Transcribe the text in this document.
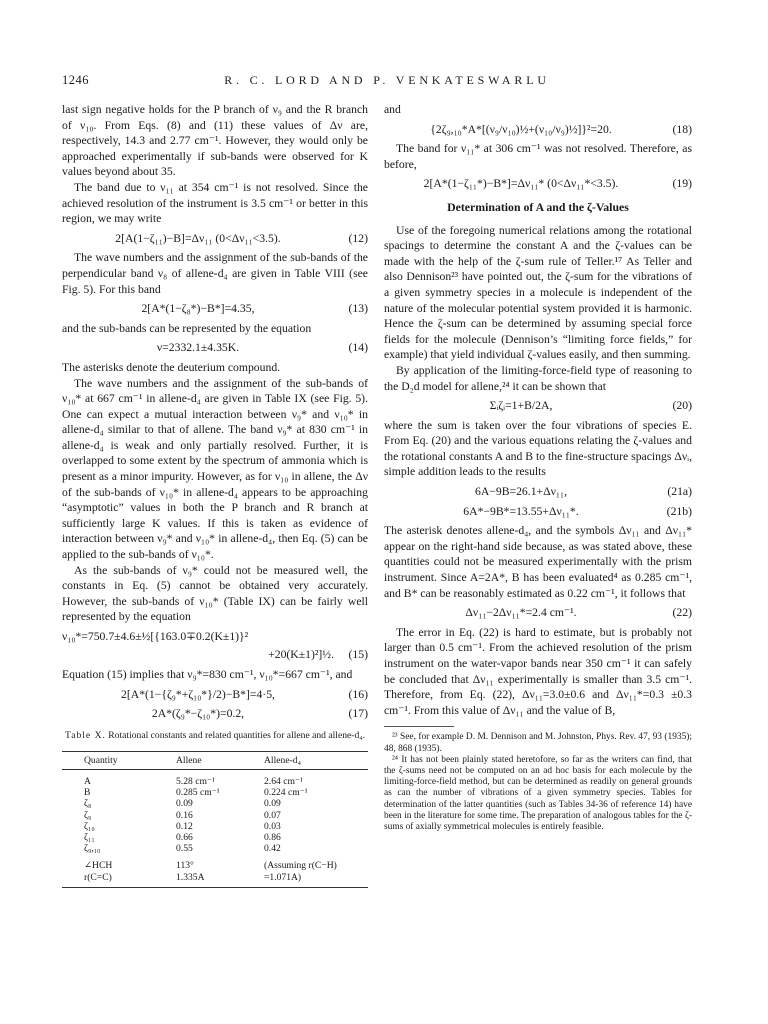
1246	R. C. LORD AND P. VENKATESWARLU

last sign negative holds for the P branch of ν₉ and the R branch of ν₁₀. From Eqs. (8) and (11) these values of Δν are, respectively, 14.3 and 2.77 cm⁻¹. However, they would only be approached experimentally if sub-bands were observed for K values beyond about 35.

The band due to ν₁₁ at 354 cm⁻¹ is not resolved. Since the achieved resolution of the instrument is 3.5 cm⁻¹ or better in this region, we may write

2[A(1−ζ₁₁)−B]=Δν₁₁ (0<Δν₁₁<3.5).	(12)

The wave numbers and the assignment of the sub-bands of the perpendicular band ν₈ of allene-d₄ are given in Table VIII (see Fig. 5). For this band

2[A*(1−ζ₈*)−B*]=4.35,	(13)

and the sub-bands can be represented by the equation

ν=2332.1±4.35K.	(14)

The asterisks denote the deuterium compound.

The wave numbers and the assignment of the sub-bands of ν₁₀* at 667 cm⁻¹ in allene-d₄ are given in Table IX (see Fig. 5). One can expect a mutual interaction between ν₉* and ν₁₀* in allene-d₄ similar to that of allene. The band ν₉* at 830 cm⁻¹ in allene-d₄ is weak and only partially resolved. Further, it is overlapped to some extent by the spectrum of ammonia which is present as a minor impurity. However, as for ν₁₀ in allene, the Δν of the sub-bands of ν₁₀* in allene-d₄ appears to be approaching “asymptotic” values in both the P branch and R branch at sufficiently large K values. If this is taken as evidence of interaction between ν₉* and ν₁₀* in allene-d₄, then Eq. (5) can be applied to the sub-bands of ν₁₀*.

As the sub-bands of ν₉* could not be measured well, the constants in Eq. (5) cannot be obtained very accurately. However, the sub-bands of ν₁₀* (Table IX) can be fairly well represented by the equation

ν₁₀*=750.7±4.6±½[{163.0∓0.2(K±1)}²
+20(K±1)²]½. (15)

Equation (15) implies that ν₉*=830 cm⁻¹, ν₁₀*=667 cm⁻¹, and

2[A*(1−{ζ₉*+ζ₁₀*}/2)−B*]=4·5,	(16)
2A*(ζ₉*−ζ₁₀*)=0.2,	(17)
Table X. Rotational constants and related quantities for allene and allene-d₄.
Quantity	Allene	Allene-d₄
A	5.28 cm⁻¹	2.64 cm⁻¹
B	0.285 cm⁻¹	0.224 cm⁻¹
ζ₈	0.09	0.09
ζ₉	0.16	0.07
ζ₁₀	0.12	0.03
ζ₁₁	0.66	0.86
ζ₉,₁₀	0.55	0.42
∠HCH	113°	(Assuming r(C−H)
r(C=C)	1.335A	=1.071A)

and

{2ζ₉,₁₀*A*[(ν₉/ν₁₀)½+(ν₁₀/ν₉)½]}²=20.	(18)

The band for ν₁₁* at 306 cm⁻¹ was not resolved. Therefore, as before,

2[A*(1−ζ₁₁*)−B*]=Δν₁₁* (0<Δν₁₁*<3.5).	(19)
Determination of A and the ζ-Values

Use of the foregoing numerical relations among the rotational spacings to determine the constant A and the ζ-values can be made with the help of the ζ-sum rule of Teller.¹⁷ As Teller and also Dennison²³ have pointed out, the ζ-sum for the vibrations of a given symmetry species in a molecule is independent of the nature of the molecular potential system provided it is harmonic. Hence the ζ-sum can be determined by assuming special force fields for the molecule (Dennison’s “limiting force fields,” for example) that yield individual ζ-values easily, and then summing.

By application of the limiting-force-field type of reasoning to the D₂d model for allene,²⁴ it can be shown that

Σᵢζᵢ=1+B/2A,	(20)

where the sum is taken over the four vibrations of species E. From Eq. (20) and the various equations relating the ζ-values and the rotational constants A and B to the fine-structure spacings Δνᵢ, simple addition leads to the results

6A−9B=26.1+Δν₁₁,	(21a)
6A*−9B*=13.55+Δν₁₁*.	(21b)

The asterisk denotes allene-d₄, and the symbols Δν₁₁ and Δν₁₁* appear on the right-hand side because, as was stated above, these quantities could not be measured experimentally with the prism instrument. Since A=2A*, B has been evaluated⁴ as 0.285 cm⁻¹, and B* can be reasonably estimated as 0.22 cm⁻¹, it follows that

Δν₁₁−2Δν₁₁*=2.4 cm⁻¹.	(22)

The error in Eq. (22) is hard to estimate, but is probably not larger than 0.5 cm⁻¹. From the achieved resolution of the prism instrument on the water-vapor bands near 350 cm⁻¹ it can safely be concluded that Δν₁₁ experimentally is smaller than 3.5 cm⁻¹. Therefore, from Eq. (22), Δν₁₁=3.0±0.6 and Δν₁₁*=0.3 ±0.3 cm⁻¹. From this value of Δν₁₁ and the value of B,

²³ See, for example D. M. Dennison and M. Johnston, Phys. Rev. 47, 93 (1935); 48, 868 (1935).

²⁴ It has not been plainly stated heretofore, so far as the writers can find, that the ζ-sums need not be computed on an ad hoc basis for each molecule by the limiting-force-field method, but can be determined as readily on general grounds as can the number of vibrations of a given symmetry species. Tables for determination of the latter quantities (such as Tables 34-36 of reference 14) have been in the literature for some time. The preparation of analogous tables for the ζ-sums of axially symmetrical molecules is entirely feasible.
